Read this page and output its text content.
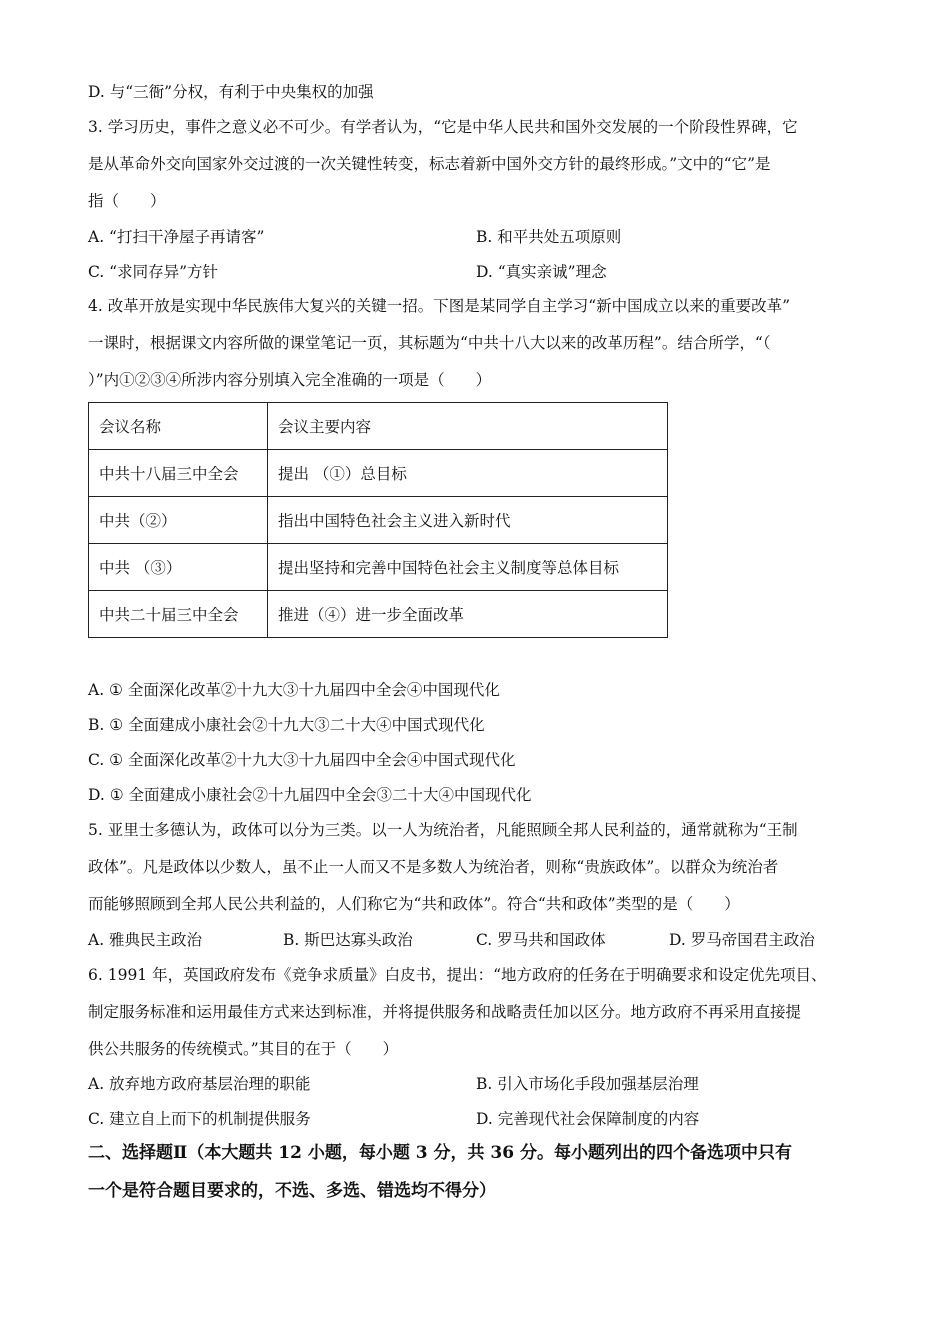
D. 与“三衙”分权，有利于中央集权的加强
3. 学习历史，事件之意义必不可少。有学者认为，“它是中华人民共和国外交发展的一个阶段性界碑，它
是从革命外交向国家外交过渡的一次关键性转变，标志着新中国外交方针的最终形成。”文中的“它”是
指（　　）
A. “打扫干净屋子再请客”	B. 和平共处五项原则
C. “求同存异”方针	D. “真实亲诚”理念
4. 改革开放是实现中华民族伟大复兴的关键一招。下图是某同学自主学习“新中国成立以来的重要改革”
一课时，根据课文内容所做的课堂笔记一页，其标题为“中共十八大以来的改革历程”。结合所学，“（
）”内①②③④所涉内容分别填入完全准确的一项是（　　）
会议名称	会议主要内容
中共十八届三中全会	提出 （①）总目标
中共（②）	指出中国特色社会主义进入新时代
中共 （③）	提出坚持和完善中国特色社会主义制度等总体目标
中共二十届三中全会	推进（④）进一步全面改革
A. ① 全面深化改革②十九大③十九届四中全会④中国现代化
B. ① 全面建成小康社会②十九大③二十大④中国式现代化
C. ① 全面深化改革②十九大③十九届四中全会④中国式现代化
D. ① 全面建成小康社会②十九届四中全会③二十大④中国现代化
5. 亚里士多德认为，政体可以分为三类。以一人为统治者，凡能照顾全邦人民利益的，通常就称为“王制
政体”。凡是政体以少数人，虽不止一人而又不是多数人为统治者，则称“贵族政体”。以群众为统治者
而能够照顾到全邦人民公共利益的，人们称它为“共和政体”。符合“共和政体”类型的是（　　）
A. 雅典民主政治	B. 斯巴达寡头政治	C. 罗马共和国政体	D. 罗马帝国君主政治
6. 1991 年，英国政府发布《竞争求质量》白皮书，提出：“地方政府的任务在于明确要求和设定优先项目、
制定服务标准和运用最佳方式来达到标准，并将提供服务和战略责任加以区分。地方政府不再采用直接提
供公共服务的传统模式。”其目的在于（　　）
A. 放弃地方政府基层治理的职能	B. 引入市场化手段加强基层治理
C. 建立自上而下的机制提供服务	D. 完善现代社会保障制度的内容
二、选择题Ⅱ（本大题共 12 小题，每小题 3 分，共 36 分。每小题列出的四个备选项中只有
一个是符合题目要求的，不选、多选、错选均不得分）
